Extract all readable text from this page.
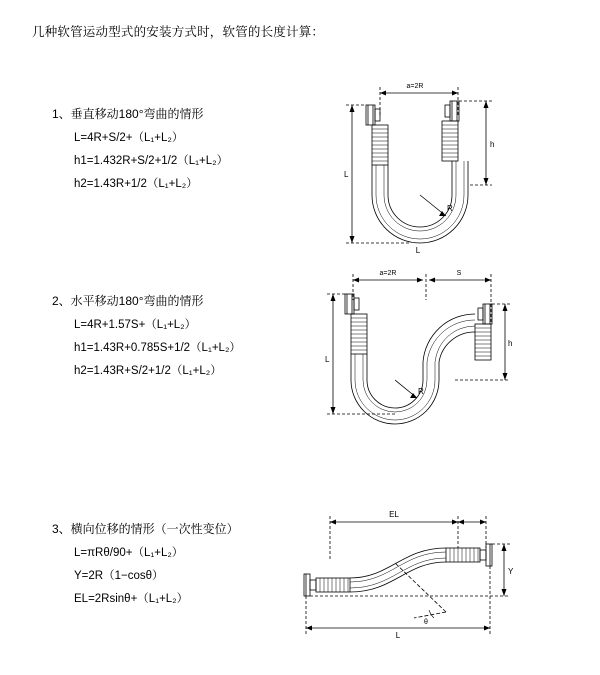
几种软管运动型式的安装方式时，软管的长度计算：
1、垂直移动180°弯曲的情形
L=4R+S/2+（L₁+L₂）
h1=1.432R+S/2+1/2（L₁+L₂）
h2=1.43R+1/2（L₁+L₂）
a=2R
R
h
L
L
2、水平移动180°弯曲的情形
L=4R+1.57S+（L₁+L₂）
h1=1.43R+0.785S+1/2（L₁+L₂）
h2=1.43R+S/2+1/2（L₁+L₂）
a=2R	S
R
L
h
3、横向位移的情形（一次性变位）
L=πRθ/90+（L₁+L₂）
Y=2R（1−cosθ）
EL=2Rsinθ+（L₁+L₂）
EL
Y
θ
L
